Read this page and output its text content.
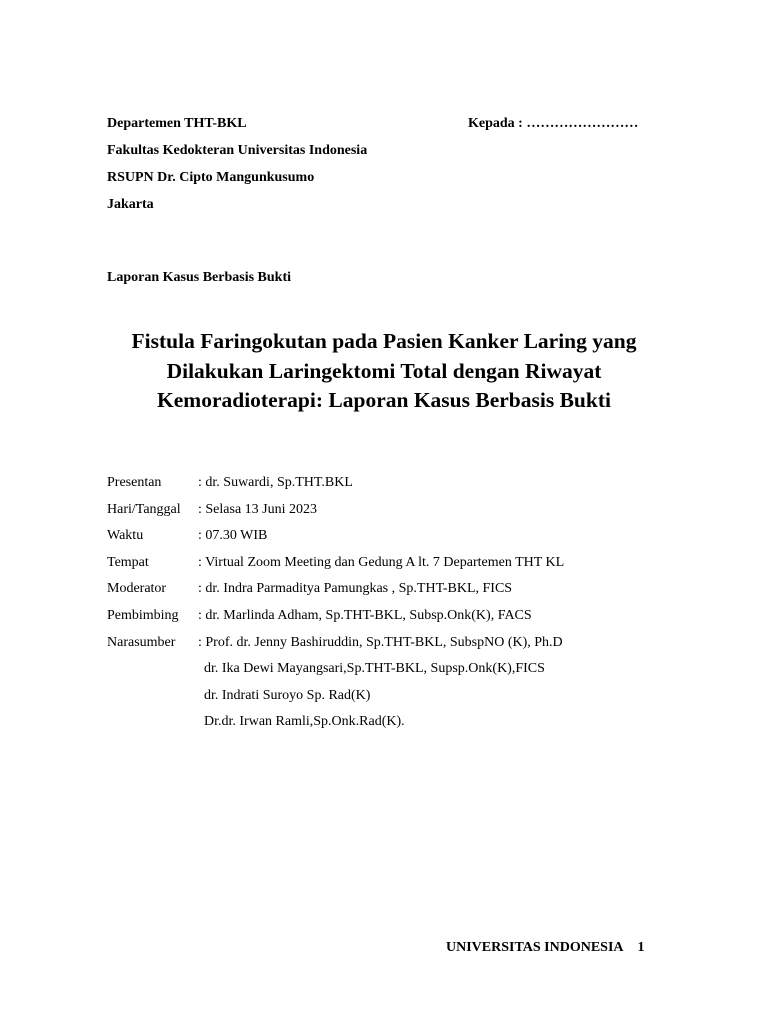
Departemen THT-BKL
Fakultas Kedokteran Universitas Indonesia
RSUPN Dr. Cipto Mangunkusumo
Jakarta
Kepada : ……………………
Laporan Kasus Berbasis Bukti
Fistula Faringokutan pada Pasien Kanker Laring yang
Dilakukan Laringektomi Total dengan Riwayat
Kemoradioterapi: Laporan Kasus Berbasis Bukti
Presentan	: dr. Suwardi, Sp.THT.BKL
Hari/Tanggal	: Selasa 13 Juni 2023
Waktu	: 07.30 WIB
Tempat	: Virtual Zoom Meeting dan Gedung A lt. 7 Departemen THT KL
Moderator	: dr. Indra Parmaditya Pamungkas , Sp.THT-BKL, FICS
Pembimbing	: dr. Marlinda Adham, Sp.THT-BKL, Subsp.Onk(K), FACS
Narasumber	: Prof. dr. Jenny Bashiruddin, Sp.THT-BKL, SubspNO (K), Ph.D
dr. Ika Dewi Mayangsari,Sp.THT-BKL, Supsp.Onk(K),FICS
dr. Indrati Suroyo Sp. Rad(K)
Dr.dr. Irwan Ramli,Sp.Onk.Rad(K).
UNIVERSITAS INDONESIA 1
